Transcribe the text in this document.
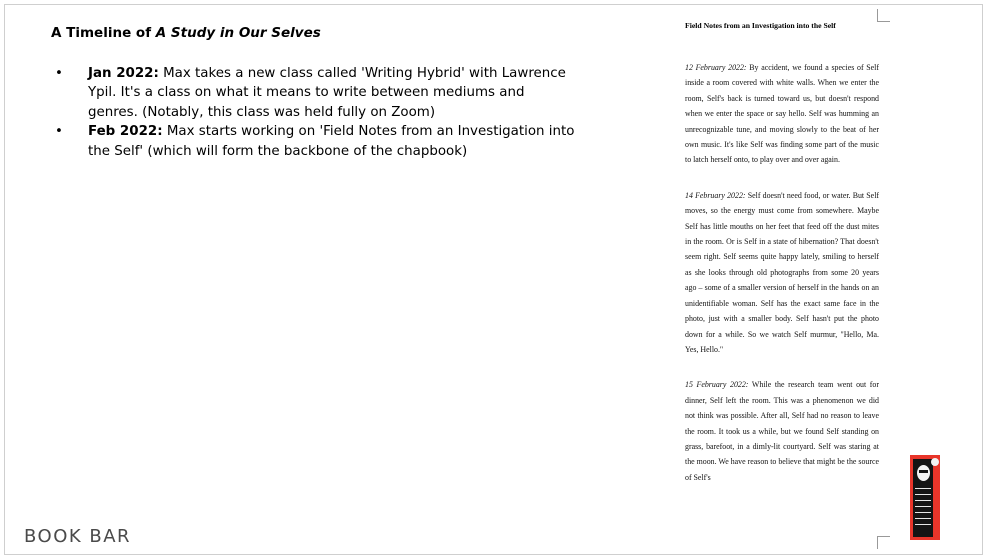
A Timeline of A Study in Our Selves
• Jan 2022: Max takes a new class called 'Writing Hybrid' with Lawrence Ypil. It's a class on what it means to write between mediums and genres. (Notably, this class was held fully on Zoom)
• Feb 2022: Max starts working on 'Field Notes from an Investigation into the Self' (which will form the backbone of the chapbook)
Field Notes from an Investigation into the Self

12 February 2022: By accident, we found a species of Self inside a room covered with white walls. When we enter the room, Self's back is turned toward us, but doesn't respond when we enter the space or say hello. Self was humming an unrecognizable tune, and moving slowly to the beat of her own music. It's like Self was finding some part of the music to latch herself onto, to play over and over again.

14 February 2022: Self doesn't need food, or water. But Self moves, so the energy must come from somewhere. Maybe Self has little mouths on her feet that feed off the dust mites in the room. Or is Self in a state of hibernation? That doesn't seem right. Self seems quite happy lately, smiling to herself as she looks through old photographs from some 20 years ago – some of a smaller version of herself in the hands on an unidentifiable woman. Self has the exact same face in the photo, just with a smaller body. Self hasn't put the photo down for a while. So we watch Self murmur, "Hello, Ma. Yes, Hello."

15 February 2022: While the research team went out for dinner, Self left the room. This was a phenomenon we did not think was possible. After all, Self had no reason to leave the room. It took us a while, but we found Self standing on grass, barefoot, in a dimly-lit courtyard. Self was staring at the moon. We have reason to believe that might be the source of Self's

BOOK BAR
